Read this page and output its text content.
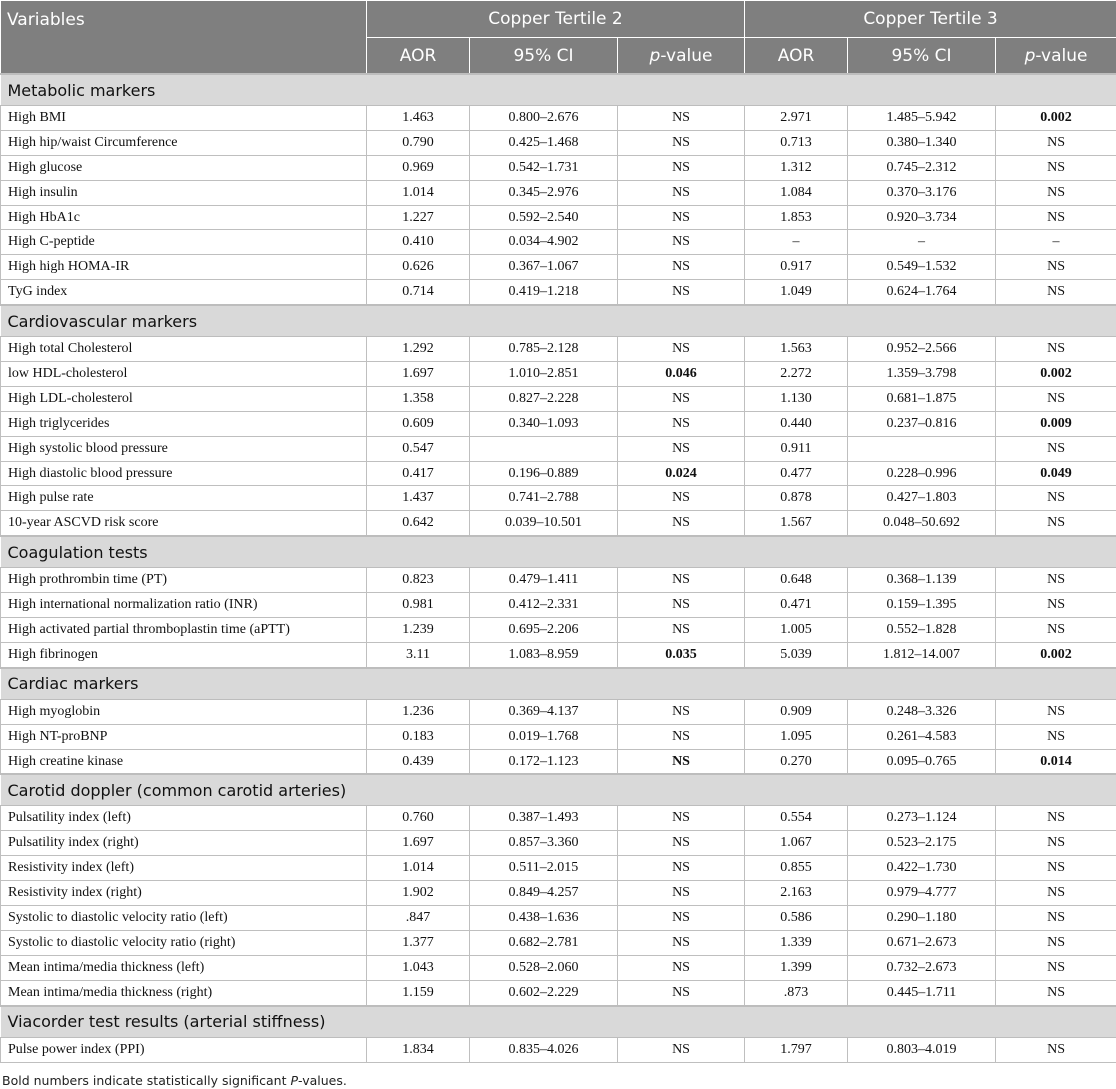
Variables	Copper Tertile 2			Copper Tertile 3		
	AOR	95% CI	p-value	AOR	95% CI	p-value
Metabolic markers						
High BMI	1.463	0.800–2.676	NS	2.971	1.485–5.942	0.002
High hip/waist Circumference	0.790	0.425–1.468	NS	0.713	0.380–1.340	NS
High glucose	0.969	0.542–1.731	NS	1.312	0.745–2.312	NS
High insulin	1.014	0.345–2.976	NS	1.084	0.370–3.176	NS
High HbA1c	1.227	0.592–2.540	NS	1.853	0.920–3.734	NS
High C-peptide	0.410	0.034–4.902	NS	–	–	–
High high HOMA-IR	0.626	0.367–1.067	NS	0.917	0.549–1.532	NS
TyG index	0.714	0.419–1.218	NS	1.049	0.624–1.764	NS
Cardiovascular markers						
High total Cholesterol	1.292	0.785–2.128	NS	1.563	0.952–2.566	NS
low HDL-cholesterol	1.697	1.010–2.851	0.046	2.272	1.359–3.798	0.002
High LDL-cholesterol	1.358	0.827–2.228	NS	1.130	0.681–1.875	NS
High triglycerides	0.609	0.340–1.093	NS	0.440	0.237–0.816	0.009
High systolic blood pressure	0.547		NS	0.911		NS
High diastolic blood pressure	0.417	0.196–0.889	0.024	0.477	0.228–0.996	0.049
High pulse rate	1.437	0.741–2.788	NS	0.878	0.427–1.803	NS
10-year ASCVD risk score	0.642	0.039–10.501	NS	1.567	0.048–50.692	NS
Coagulation tests						
High prothrombin time (PT)	0.823	0.479–1.411	NS	0.648	0.368–1.139	NS
High international normalization ratio (INR)	0.981	0.412–2.331	NS	0.471	0.159–1.395	NS
High activated partial thromboplastin time (aPTT)	1.239	0.695–2.206	NS	1.005	0.552–1.828	NS
High fibrinogen	3.11	1.083–8.959	0.035	5.039	1.812–14.007	0.002
Cardiac markers						
High myoglobin	1.236	0.369–4.137	NS	0.909	0.248–3.326	NS
High NT-proBNP	0.183	0.019–1.768	NS	1.095	0.261–4.583	NS
High creatine kinase	0.439	0.172–1.123	NS	0.270	0.095–0.765	0.014
Carotid doppler (common carotid arteries)						
Pulsatility index (left)	0.760	0.387–1.493	NS	0.554	0.273–1.124	NS
Pulsatility index (right)	1.697	0.857–3.360	NS	1.067	0.523–2.175	NS
Resistivity index (left)	1.014	0.511–2.015	NS	0.855	0.422–1.730	NS
Resistivity index (right)	1.902	0.849–4.257	NS	2.163	0.979–4.777	NS
Systolic to diastolic velocity ratio (left)	.847	0.438–1.636	NS	0.586	0.290–1.180	NS
Systolic to diastolic velocity ratio (right)	1.377	0.682–2.781	NS	1.339	0.671–2.673	NS
Mean intima/media thickness (left)	1.043	0.528–2.060	NS	1.399	0.732–2.673	NS
Mean intima/media thickness (right)	1.159	0.602–2.229	NS	.873	0.445–1.711	NS
Viacorder test results (arterial stiffness)						
Pulse power index (PPI)	1.834	0.835–4.026	NS	1.797	0.803–4.019	NS
Bold numbers indicate statistically significant P-values.
